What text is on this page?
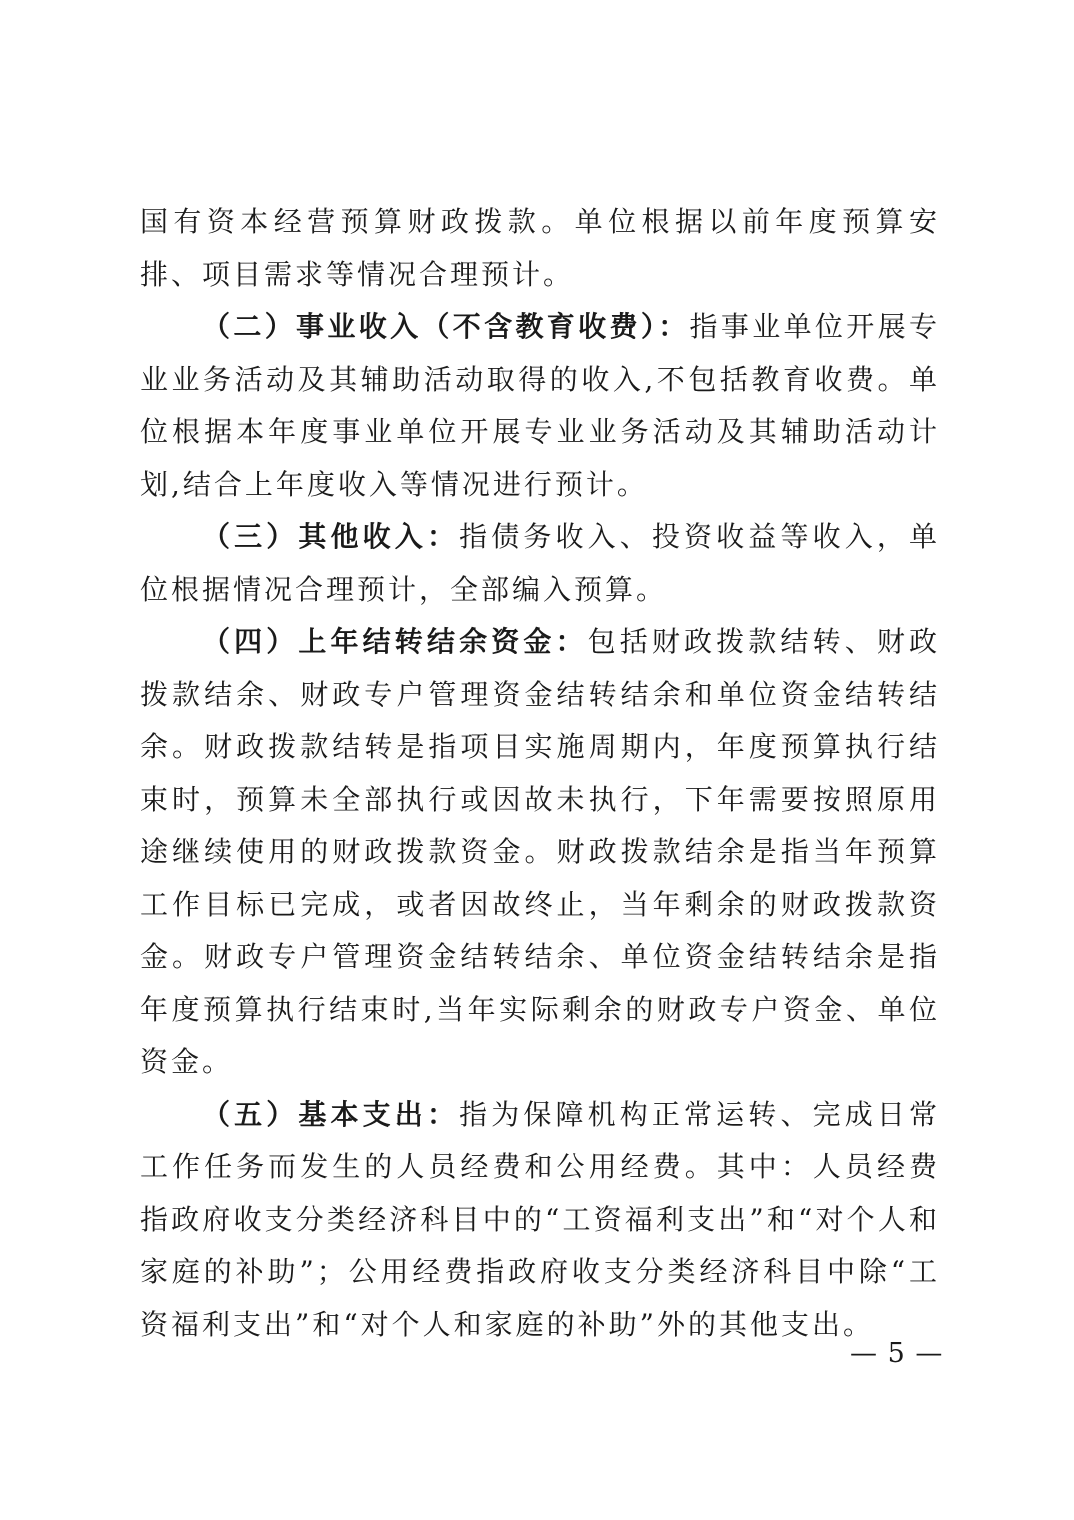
国有资本经营预算财政拨款。单位根据以前年度预算安排、项目需求等情况合理预计。

（二）事业收入（不含教育收费）：指事业单位开展专业业务活动及其辅助活动取得的收入,不包括教育收费。单位根据本年度事业单位开展专业业务活动及其辅助活动计划,结合上年度收入等情况进行预计。

（三）其他收入：指债务收入、投资收益等收入，单位根据情况合理预计，全部编入预算。

（四）上年结转结余资金：包括财政拨款结转、财政拨款结余、财政专户管理资金结转结余和单位资金结转结余。财政拨款结转是指项目实施周期内，年度预算执行结束时，预算未全部执行或因故未执行，下年需要按照原用途继续使用的财政拨款资金。财政拨款结余是指当年预算工作目标已完成，或者因故终止，当年剩余的财政拨款资金。财政专户管理资金结转结余、单位资金结转结余是指年度预算执行结束时,当年实际剩余的财政专户资金、单位资金。

（五）基本支出：指为保障机构正常运转、完成日常工作任务而发生的人员经费和公用经费。其中：人员经费指政府收支分类经济科目中的“工资福利支出”和“对个人和家庭的补助”；公用经费指政府收支分类经济科目中除“工资福利支出”和“对个人和家庭的补助”外的其他支出。

— 5 —
